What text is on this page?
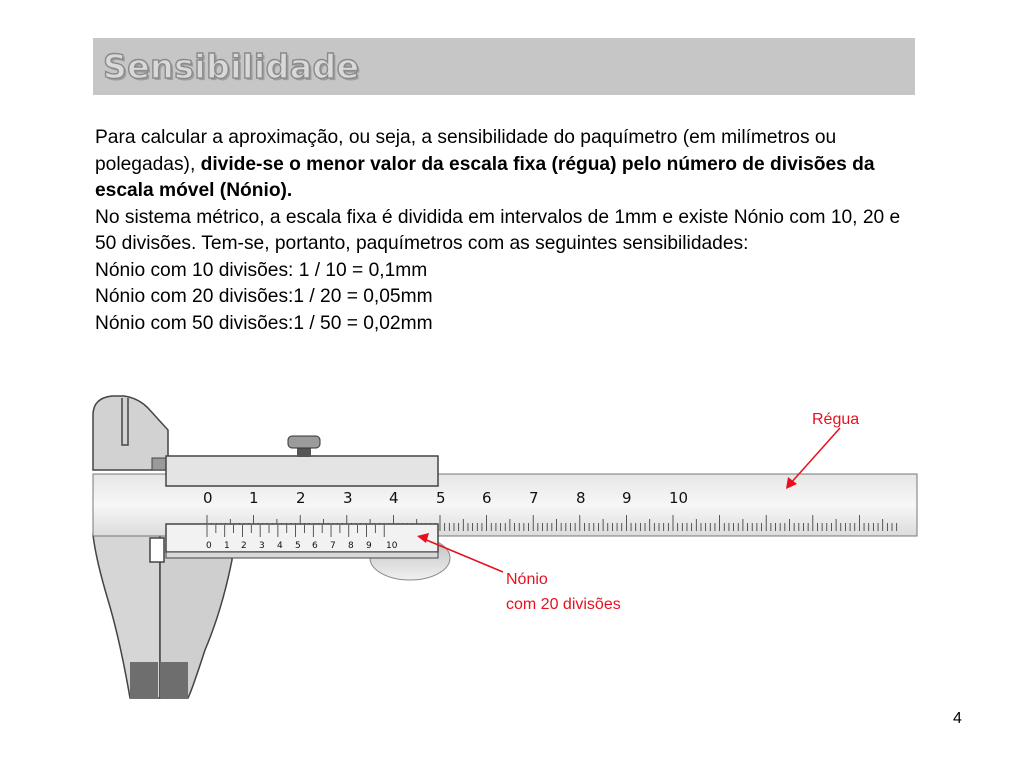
Sensibilidade

Para calcular a aproximação, ou seja, a sensibilidade do paquímetro (em milímetros ou polegadas), divide-se o menor valor da escala fixa (régua) pelo número de divisões da escala móvel (Nónio).

No sistema métrico, a escala fixa é dividida em intervalos de 1mm e existe Nónio com 10, 20 e 50 divisões. Tem-se, portanto, paquímetros com as seguintes sensibilidades:

Nónio com 10 divisões: 1 / 10 = 0,1mm

Nónio com 20 divisões:1 / 20 = 0,05mm

Nónio com 50 divisões:1 / 50 = 0,02mm

0 1 2 3 4 5 6 7 8 9 10
0 1 2 3 4 5 6 7 8 9 10
Régua
Nónio
com 20 divisões
4
